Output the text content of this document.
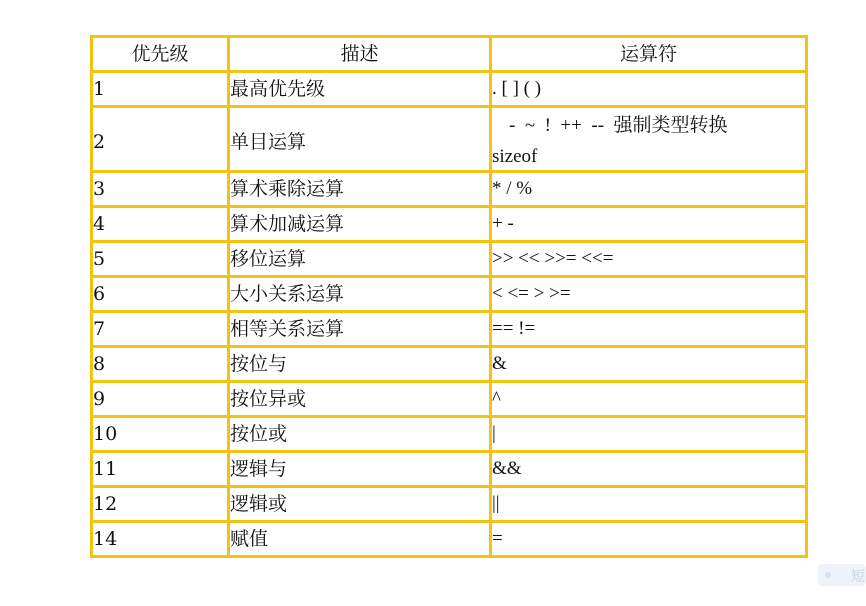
优先级	描述	运算符
1	最高优先级	. [ ] ( )
2	单目运算	-  ~  !  ++  --  强制类型转换
sizeof

3	算术乘除运算	* / %
4	算术加减运算	+ -
5	移位运算	>> << >>= <<=
6	大小关系运算	< <= > >=
7	相等关系运算	== !=
8	按位与	&
9	按位异或	^
10	按位或	|
11	逻辑与	&&
12	逻辑或	||
14	赋值	=
短
